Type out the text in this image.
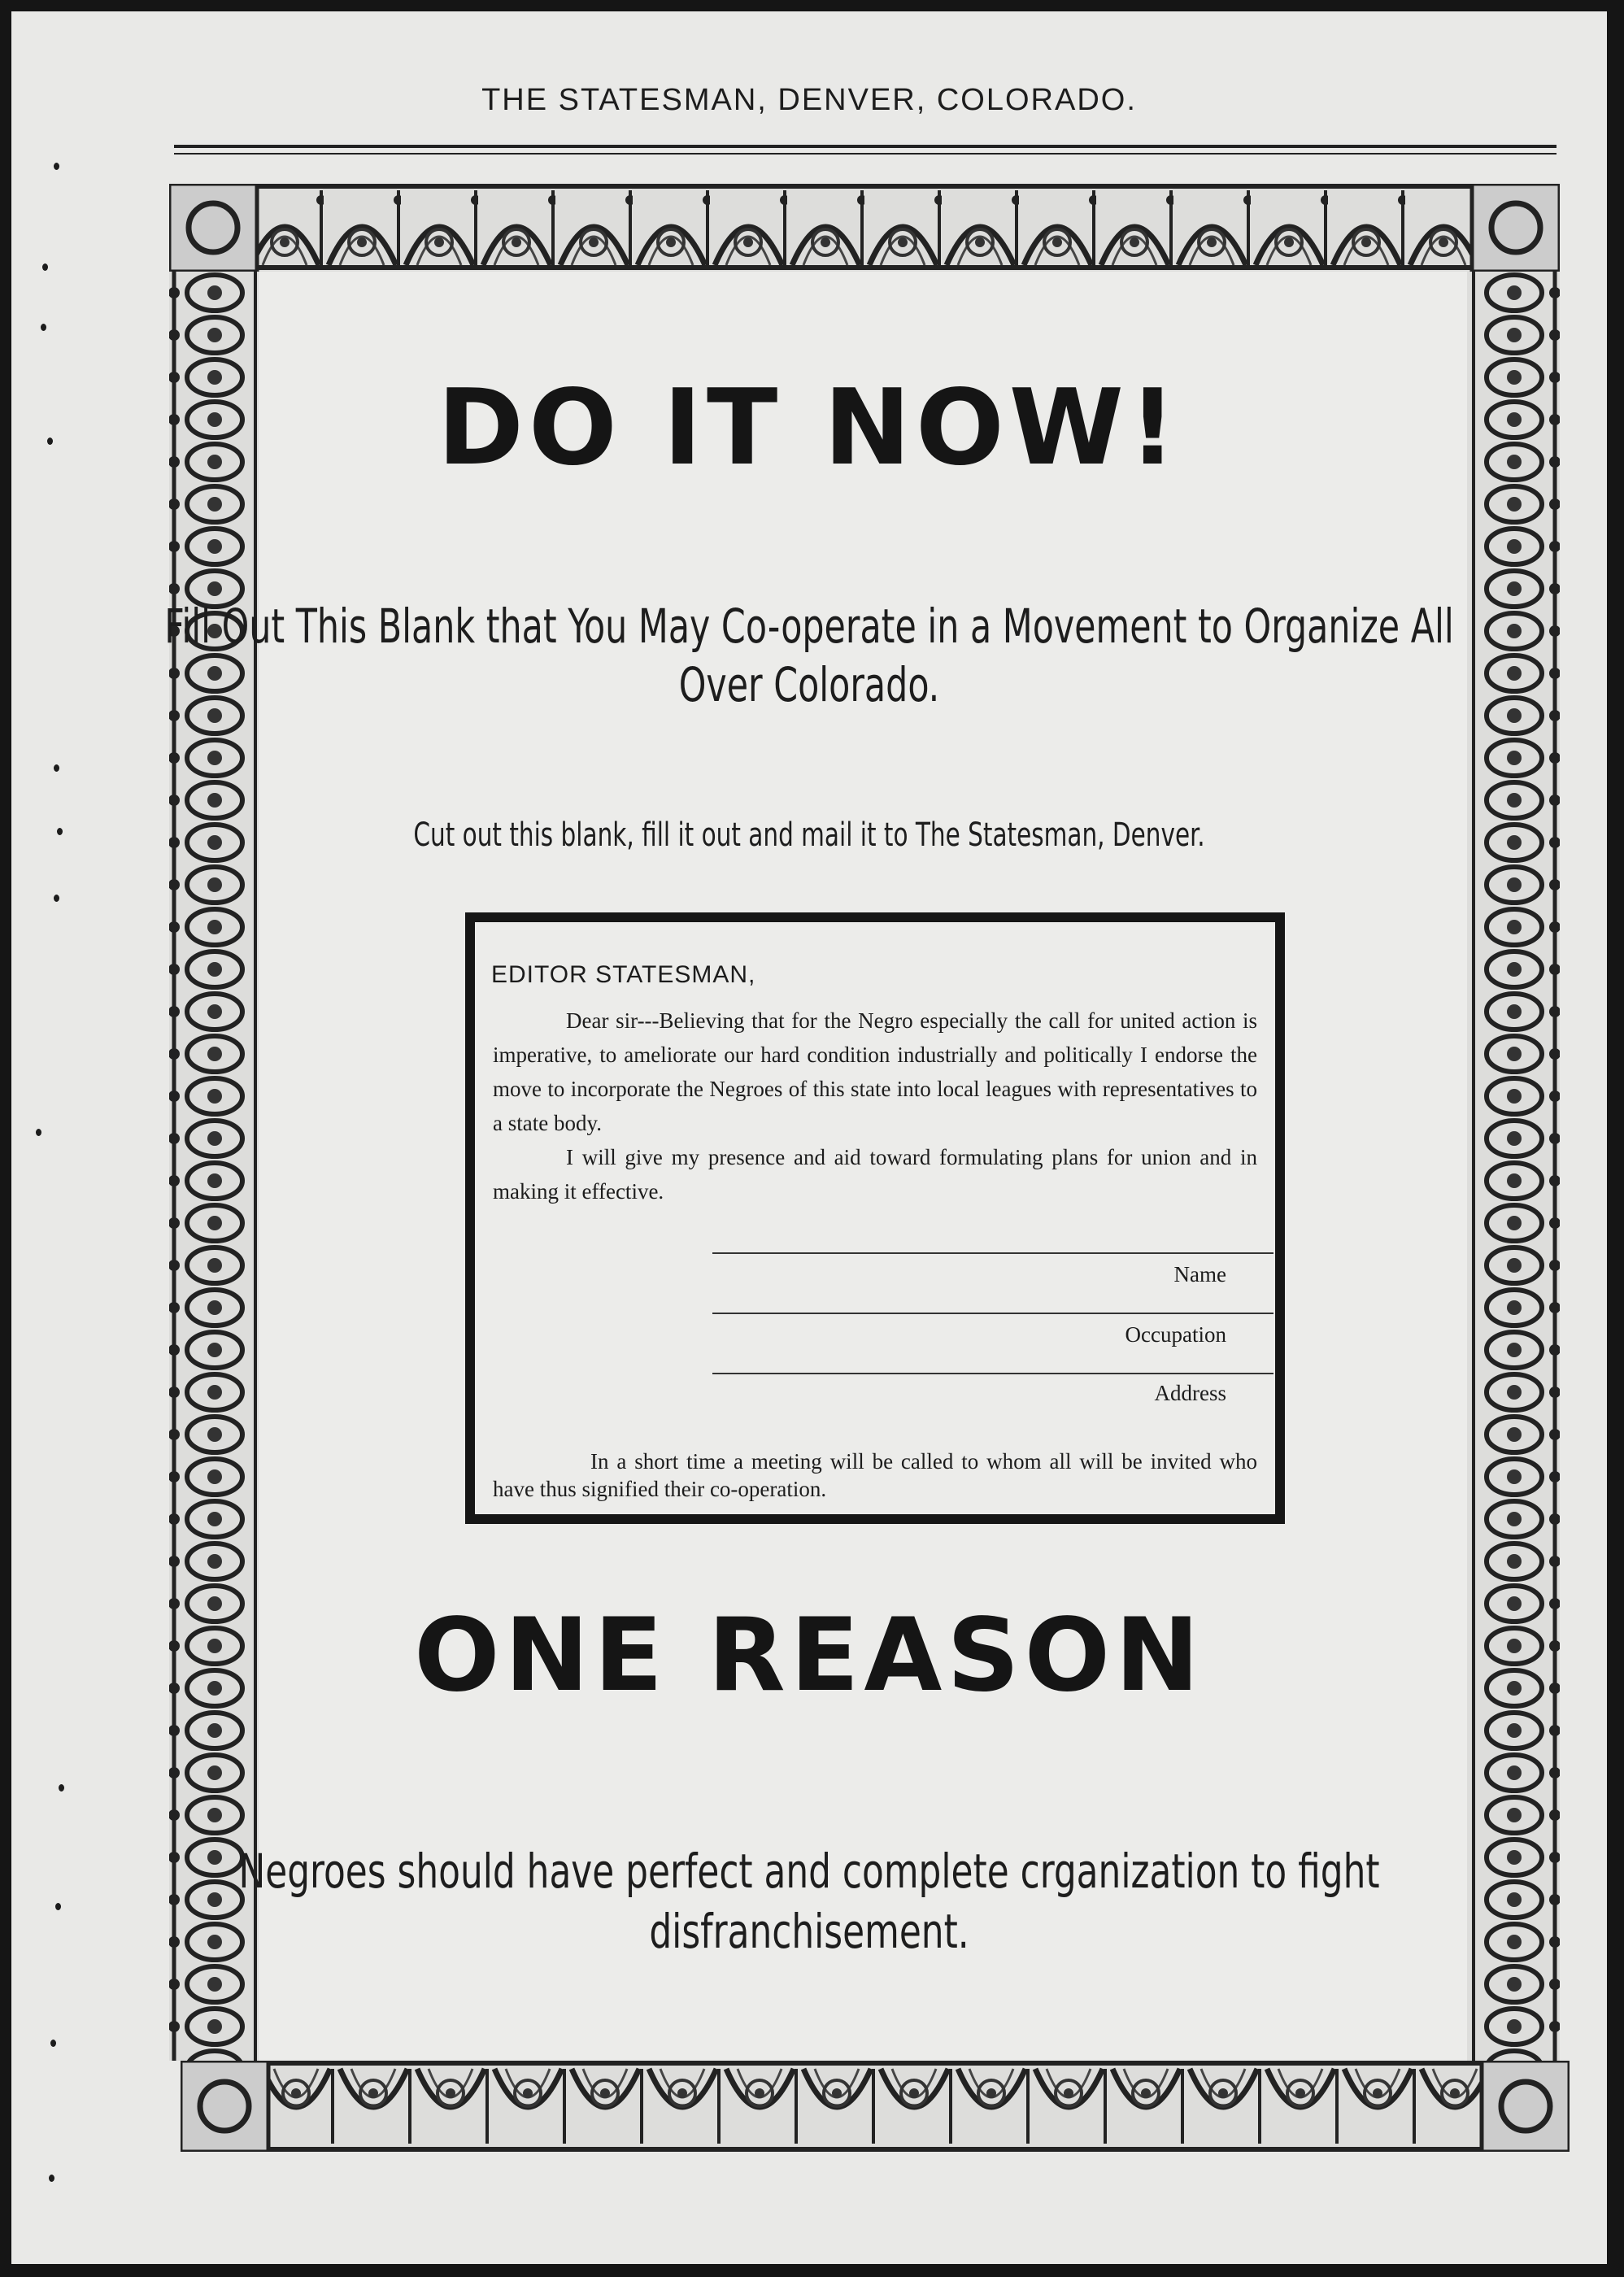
THE STATESMAN, DENVER, COLORADO.
DO IT NOW!
Fill Out This Blank that You May Co-operate in a Movement to Organize All Over Colorado.
Cut out this blank, fill it out and mail it to The Statesman, Denver.
EDITOR STATESMAN,

Dear sir---Believing that for the Negro especially the call for united action is imperative, to ameliorate our hard condition industrially and politically I endorse the move to incorporate the Negroes of this state into local leagues with representatives to a state body.

I will give my presence and aid toward formulating plans for union and in making it effective.

Name
Occupation
Address
In a short time a meeting will be called to whom all will be invited who have thus signified their co-operation.
ONE REASON
Negroes should have perfect and complete crganization to fight disfranchisement.
